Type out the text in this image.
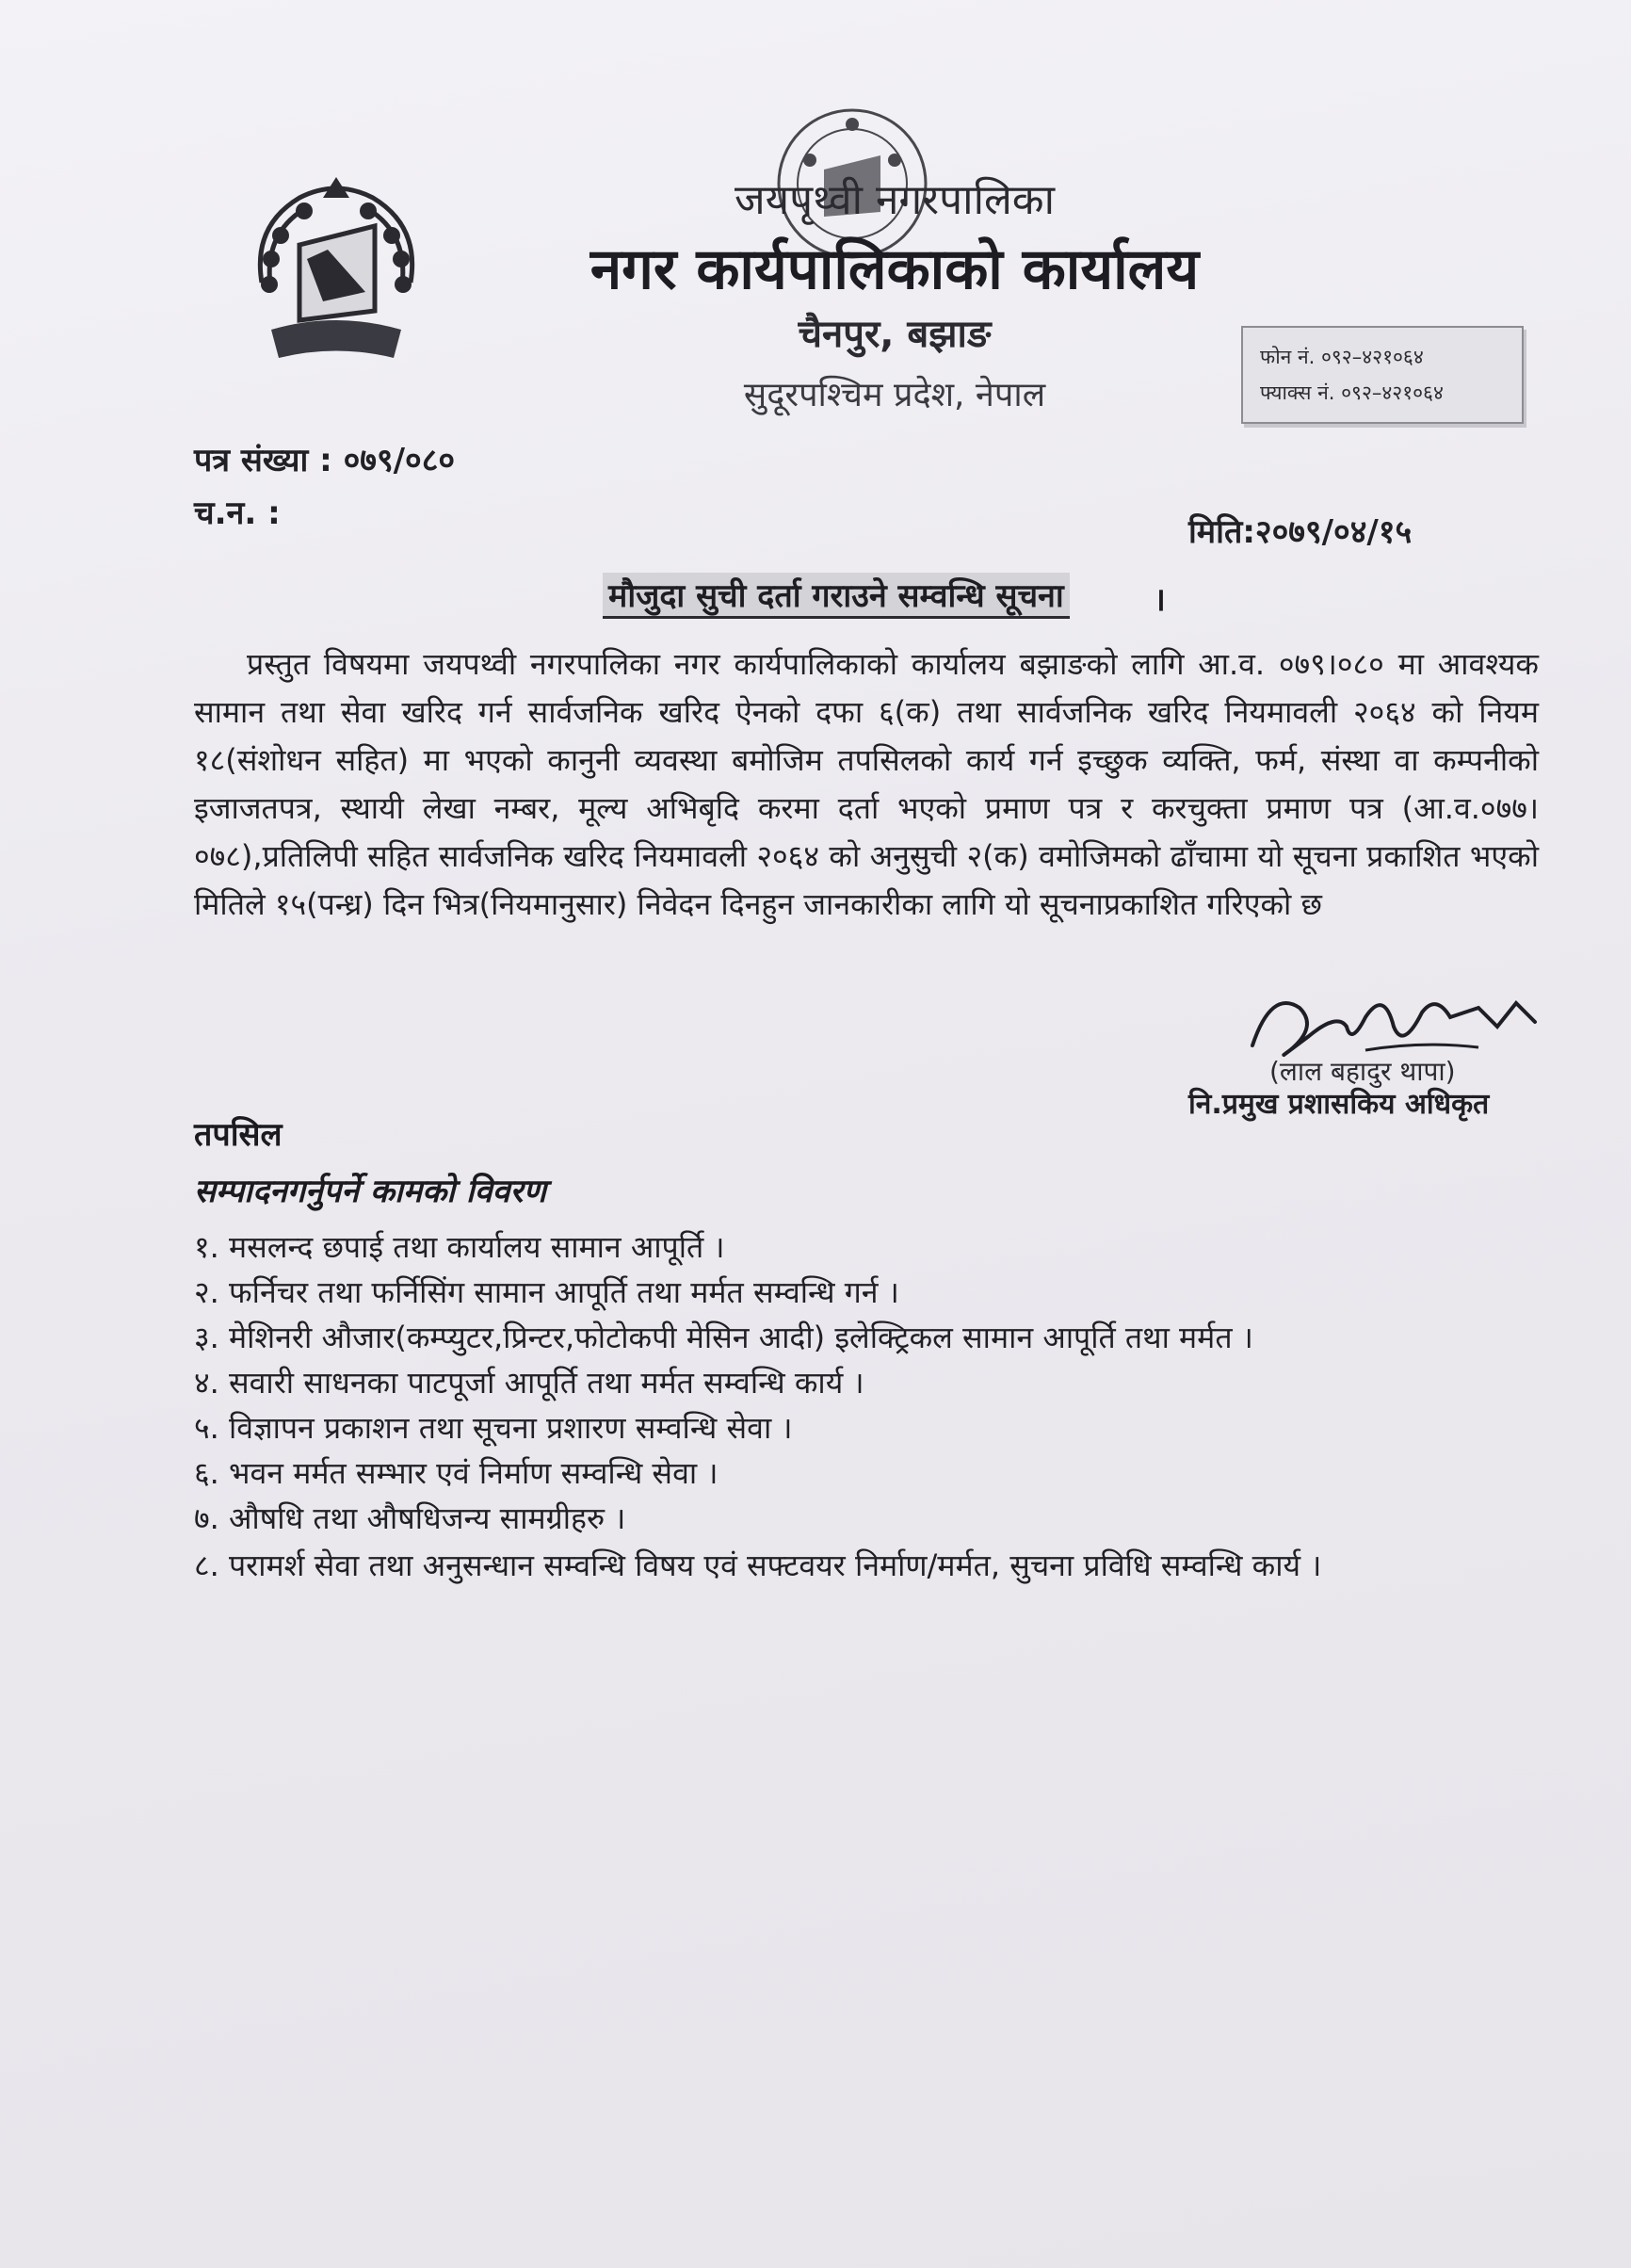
जयपृथ्वी नगरपालिका
नगर कार्यपालिकाको कार्यालय
चैनपुर, बझाङ
सुदूरपश्चिम प्रदेश, नेपाल
फोन नं. ०९२–४२१०६४
फ्याक्स नं. ०९२–४२१०६४
पत्र संख्या : ०७९/०८०
च.न. :	मिति:२०७९/०४/१५
मौजुदा सुची दर्ता गराउने सम्वन्धि सूचना	।
प्रस्तुत विषयमा जयपथ्वी नगरपालिका नगर कार्यपालिकाको कार्यालय बझाङको लागि आ.व. ०७९।०८० मा आवश्यक सामान तथा सेवा खरिद गर्न सार्वजनिक खरिद ऐनको दफा ६(क) तथा सार्वजनिक खरिद नियमावली २०६४ को नियम १८(संशोधन सहित) मा भएको कानुनी व्यवस्था बमोजिम तपसिलको कार्य गर्न इच्छुक व्यक्ति, फर्म, संस्था वा कम्पनीको इजाजतपत्र, स्थायी लेखा नम्बर, मूल्य अभिबृदि करमा दर्ता भएको प्रमाण पत्र र करचुक्ता प्रमाण पत्र (आ.व.०७७।०७८),प्रतिलिपी सहित सार्वजनिक खरिद नियमावली २०६४ को अनुसुची २(क) वमोजिमको ढाँचामा यो सूचना प्रकाशित भएको मितिले १५(पन्ध्र) दिन भित्र(नियमानुसार) निवेदन दिनहुन जानकारीका लागि यो सूचनाप्रकाशित गरिएको छ
(लाल बहादुर थापा)
नि.प्रमुख प्रशासकिय अधिकृत
तपसिल
सम्पादनगर्नुपर्ने कामको विवरण
१. मसलन्द छपाई तथा कार्यालय सामान आपूर्ति ।
२. फर्निचर तथा फर्निसिंग सामान आपूर्ति तथा मर्मत सम्वन्धि गर्न ।
३. मेशिनरी औजार(कम्प्युटर,प्रिन्टर,फोटोकपी मेसिन आदी) इलेक्ट्रिकल सामान आपूर्ति तथा मर्मत ।
४. सवारी साधनका पाटपूर्जा आपूर्ति तथा मर्मत सम्वन्धि कार्य ।
५. विज्ञापन प्रकाशन तथा सूचना प्रशारण सम्वन्धि सेवा ।
६. भवन मर्मत सम्भार एवं निर्माण सम्वन्धि सेवा ।
७. औषधि तथा औषधिजन्य सामग्रीहरु ।
८. परामर्श सेवा तथा अनुसन्धान सम्वन्धि विषय एवं सफ्टवयर निर्माण/मर्मत, सुचना प्रविधि सम्वन्धि कार्य ।
